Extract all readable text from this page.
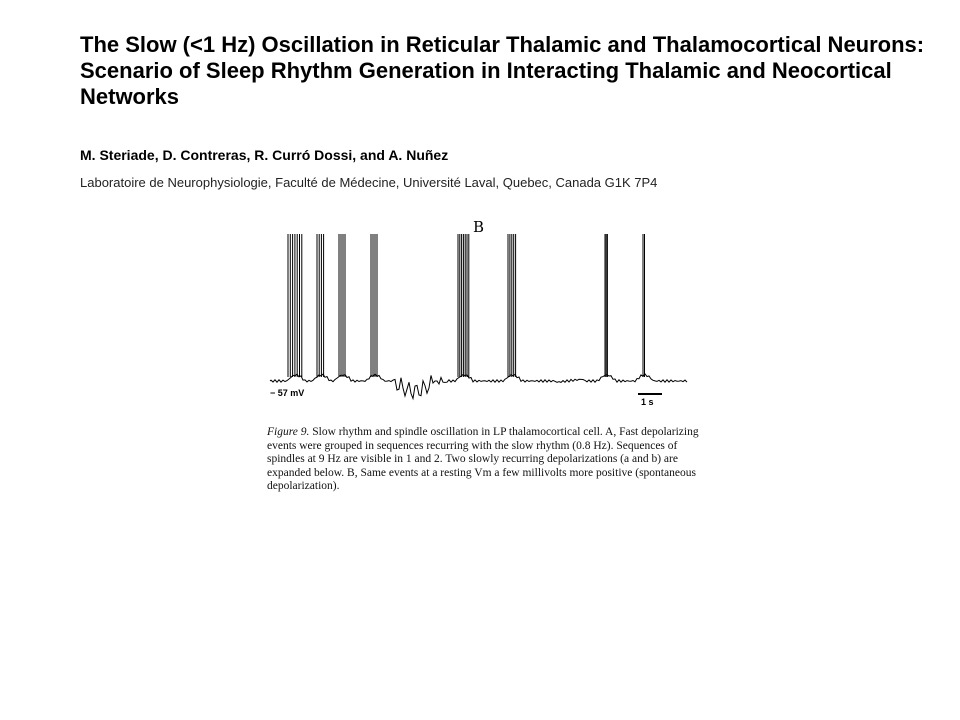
The Slow (<1 Hz) Oscillation in Reticular Thalamic and Thalamocortical Neurons: Scenario of Sleep Rhythm Generation in Interacting Thalamic and Neocortical Networks
M. Steriade, D. Contreras, R. Curró Dossi, and A. Nuñez
Laboratoire de Neurophysiologie, Faculté de Médecine, Université Laval, Quebec, Canada G1K 7P4
B
− 57 mV
1 s

Figure 9. Slow rhythm and spindle oscillation in LP thalamocortical cell. A, Fast depolarizing events were grouped in sequences recurring with the slow rhythm (0.8 Hz). Sequences of spindles at 9 Hz are visible in 1 and 2. Two slowly recurring depolarizations (a and b) are expanded below. B, Same events at a resting Vm a few millivolts more positive (spontaneous depolarization).
